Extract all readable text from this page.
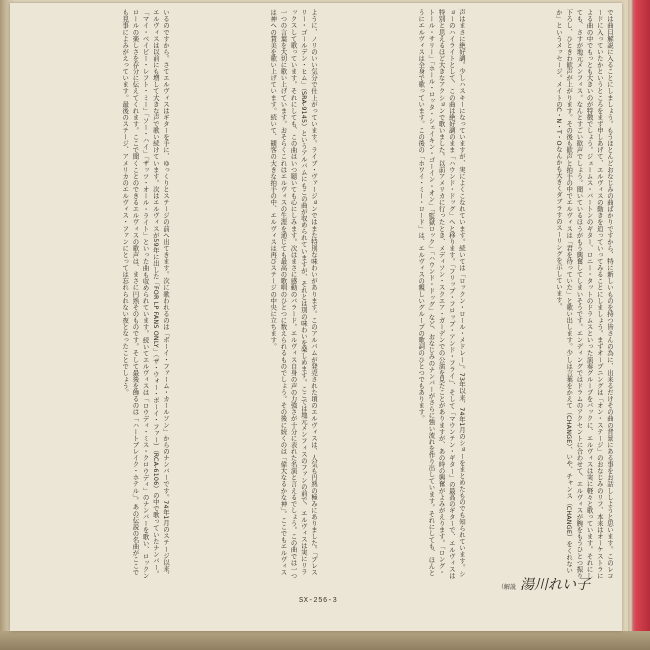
では曲目解説に入ることにしましょう。もうほとんどおなじみの曲ばかりですから、特に新しいものを持つ皆さんの為に、出来るだけその曲の背景にある事をお話ししようと思います。このレコードに入っていたかというところをまず申しあげて、エルヴィスの動きを追っていってみることにしましょう。まずオープニングは「オン・ステージ」のおなじみのリフ、本来はオーケストラによる曲の中でもっとも大きいのが特徴でしょう。ジェームス・バートンのギター、ロニー・タットのドラムスといった演奏グループをバックに、エルヴィスは実に軽々と歌っています。それにしても、さすが地元メンフィス。なんとすごい歓声でしょう。聞いているほうがもう興奮してしまいそうです。エンディングではドラムのアクセントに合わせて、エルヴィスが腕をもうひとつ振り下ろし、ひときわ歓声が上がります。その後も歓声と拍手の中でエルヴィスは「君を待っていた」と歌い出します。少しは言葉をかえて（CHANGE）、いや、チャンス（CHANGE）をくれないか」というメッセージ。メイトのC・N・T・Oなんかも大きくダブラすのスーリングを示しています。

声はまさに絶好調。少しハスキーになっていますが、実によくこなれています。続いては「ロックン・ロール・メドレー」。73年以来、74年1月のショーをまとめたものでも知られています。ショーのハイライトとして、この曲は絶好調のまま「ハウンド・ドッグ」へと移ります。「フリップ・フロップ・アンド・フライ」、そして「マウンテン・ギター」の最高のギターで、エルヴィスは特別と思えるほど大きなアクションで歌いました。以前アメリカに行ったとき、メディソン・スクエア・ガーデンでの公演を見たことがありますが、あの時の興奮がよみがえります。「ロング・トール・サリー」「ホール・ロッタ・シェイキン・ゴーイン・オン」「監獄ロック」「ハウンド・ドッグ」など、おなじみのナンバーがさらに強い流れを作り出しています。それにしても、ほんとうにエルヴィスは全身で歌っています。この後の「ホワイ・ミー・ロード」は、エルヴィスの親しいグループの歌詞のひとつでもあります。

ように、ノリのいい気分で仕上がっています。ライブ・ヴァージョンではまた特別な味わいがあります。このアルバムが発売された頃のエルヴィスは、人気も円熟の極みにありました。「プレスリー・ゴールデン・ヒム」（SRA-9145）というアルバムにもこの曲が収められていますが、それとは別の味わいを楽しめます。ここでは地元メンフィスのファンの前で、エルヴィスは実にリラックスして歌っています。それにしても、この曲はいつ聴いても心にしみます。次はまさに感動のバラード。エルヴィス自身の声の力強さが十分に表れた名演と言えるでしょう。この曲では一つ一つの言葉を大切に歌い上げています。おそらくこれはエルヴィスの生涯を通じても最高の歌唱のひとつに数えられるものでしょう。その後に続くのは「偉大なるかな神」。ここでもエルヴィスは神への賛美を歌い上げています。続いて、観客の大きな拍手の中、エルヴィスは再びステージの中央に立ちます。

いるのですから。さてエルヴィスはギターを手に、ゆっくりとステージの前へ出てきます。次に歌われるのは「ボーイ・ファーム・カールソン」からのナンバーです。74年1月のステージ以来、エルヴィスは以前にも増して大きな声で歌い続けています。次はエルヴィスが59年に出した「FOR LP FANS ONLY」（ザ・ウォー・ボーイ・ファー）（RCA-6106）の中で歌っていたナンバー。「マイ・ベイビー・レフト・ミー」「ソー・ハイ」「ザッツ・オール・ライト」といった曲も収められています。続いてエルヴィスは「ロウディ・ミス・クロウディ」のナンバーを歌い、ロックンロールの楽しさを存分に伝えてくれます。ここで聞くことのできるエルヴィスの歌声は、まさに円熟そのものです。そして最後を飾るのは「ハートブレイク・ホテル」。あの伝説の名曲がここでも見事によみがえっています。最後のステージ、アメリカのエルヴィス・ファンにとっては忘れられない夜となったことでしょう。

SX-256-3
（解説 湯川れい子
